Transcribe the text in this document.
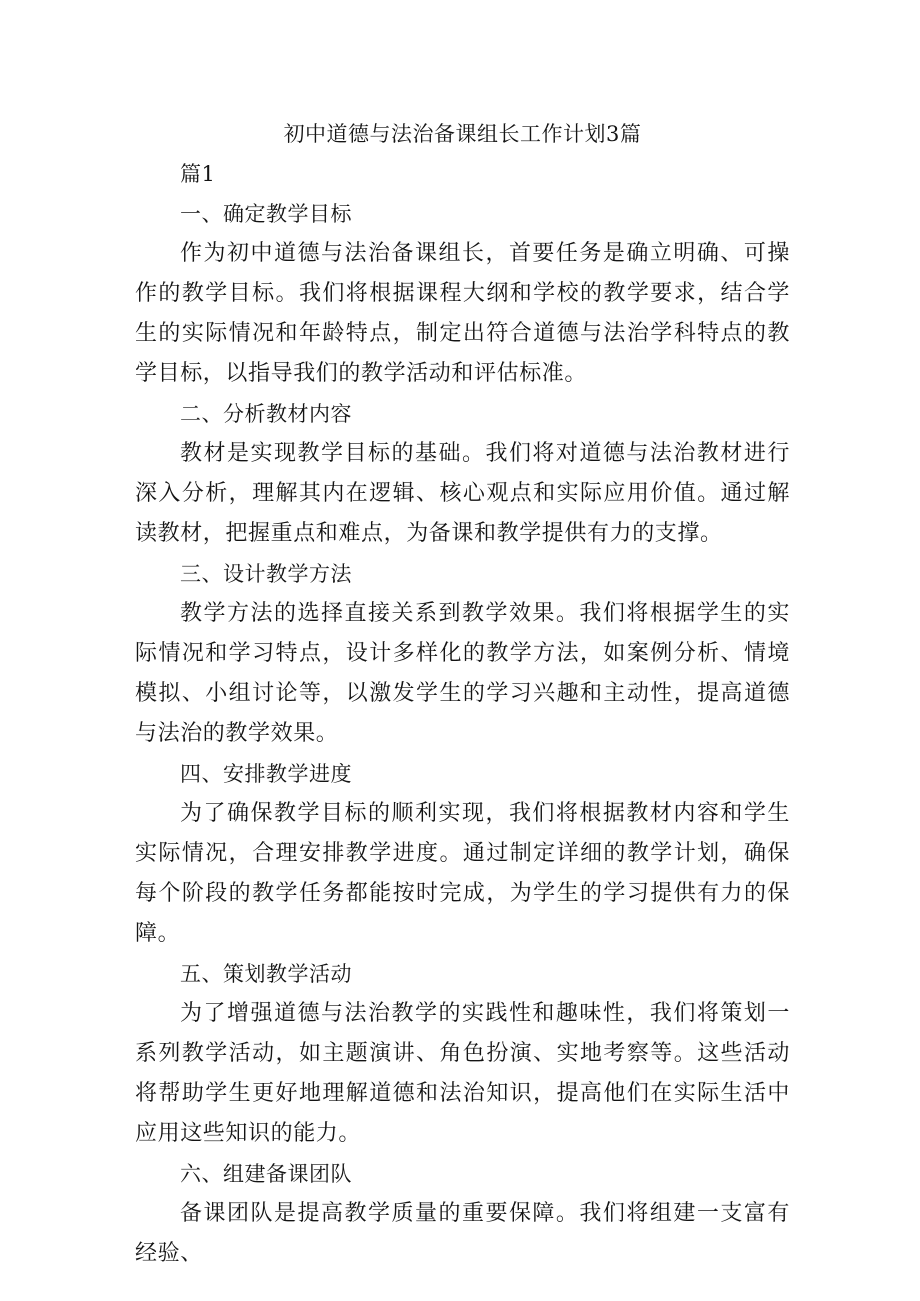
初中道德与法治备课组长工作计划3篇

篇1

一、确定教学目标

作为初中道德与法治备课组长，首要任务是确立明确、可操作的教学目标。我们将根据课程大纲和学校的教学要求，结合学生的实际情况和年龄特点，制定出符合道德与法治学科特点的教学目标，以指导我们的教学活动和评估标准。

二、分析教材内容

教材是实现教学目标的基础。我们将对道德与法治教材进行深入分析，理解其内在逻辑、核心观点和实际应用价值。通过解读教材，把握重点和难点，为备课和教学提供有力的支撑。

三、设计教学方法

教学方法的选择直接关系到教学效果。我们将根据学生的实际情况和学习特点，设计多样化的教学方法，如案例分析、情境模拟、小组讨论等，以激发学生的学习兴趣和主动性，提高道德与法治的教学效果。

四、安排教学进度

为了确保教学目标的顺利实现，我们将根据教材内容和学生实际情况，合理安排教学进度。通过制定详细的教学计划，确保每个阶段的教学任务都能按时完成，为学生的学习提供有力的保障。

五、策划教学活动

为了增强道德与法治教学的实践性和趣味性，我们将策划一系列教学活动，如主题演讲、角色扮演、实地考察等。这些活动将帮助学生更好地理解道德和法治知识，提高他们在实际生活中应用这些知识的能力。

六、组建备课团队

备课团队是提高教学质量的重要保障。我们将组建一支富有经验、
